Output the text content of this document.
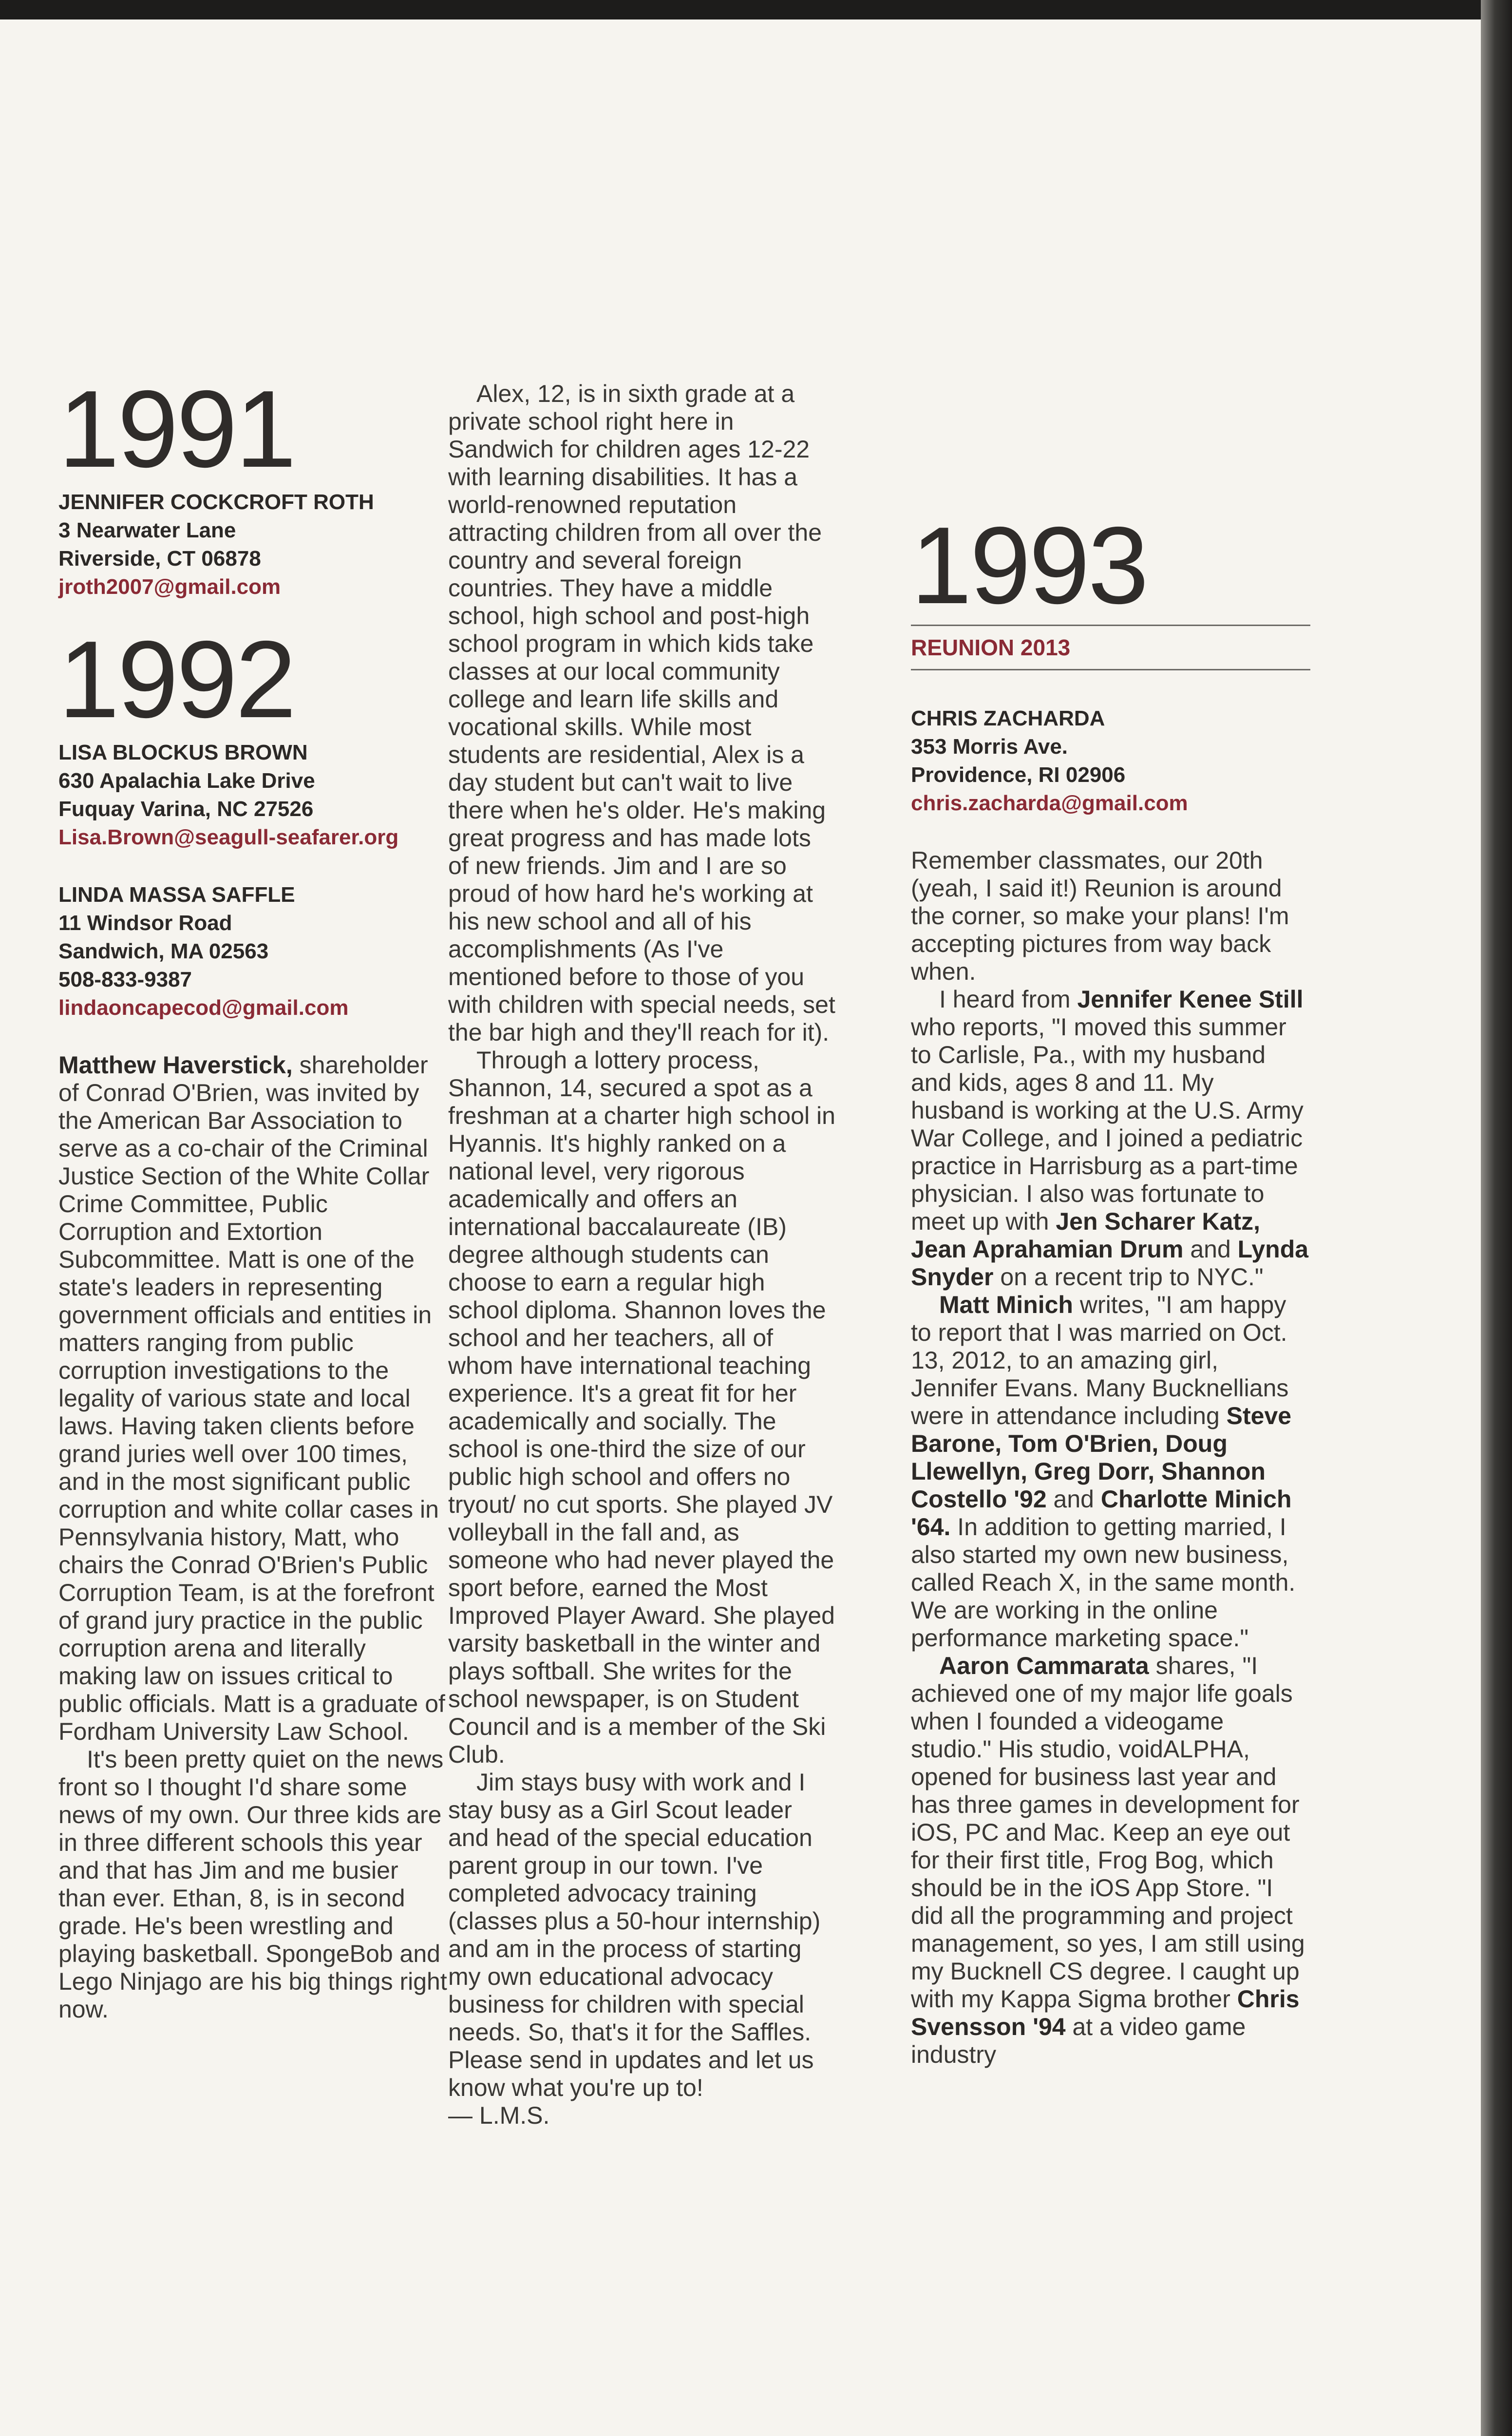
1991
JENNIFER COCKCROFT ROTH
3 Nearwater Lane
Riverside, CT 06878
jroth2007@gmail.com
1992
LISA BLOCKUS BROWN
630 Apalachia Lake Drive
Fuquay Varina, NC 27526
Lisa.Brown@seagull-seafarer.org
LINDA MASSA SAFFLE
11 Windsor Road
Sandwich, MA 02563
508-833-9387
lindaoncapecod@gmail.com

Matthew Haverstick, shareholder of Conrad O'Brien, was invited by the American Bar Association to serve as a co-chair of the Criminal Justice Section of the White Collar Crime Committee, Public Corruption and Extortion Subcommittee. Matt is one of the state's leaders in representing government officials and entities in matters ranging from public corruption investigations to the legality of various state and local laws. Having taken clients before grand juries well over 100 times, and in the most significant public corruption and white collar cases in Pennsylvania history, Matt, who chairs the Conrad O'Brien's Public Corruption Team, is at the forefront of grand jury practice in the public corruption arena and literally making law on issues critical to public officials. Matt is a graduate of Fordham University Law School.

It's been pretty quiet on the news front so I thought I'd share some news of my own. Our three kids are in three different schools this year and that has Jim and me busier than ever. Ethan, 8, is in second grade. He's been wrestling and playing basketball. SpongeBob and Lego Ninjago are his big things right now.

Alex, 12, is in sixth grade at a private school right here in Sandwich for children ages 12-22 with learning disabilities. It has a world-renowned reputation attracting children from all over the country and several foreign countries. They have a middle school, high school and post-high school program in which kids take classes at our local community college and learn life skills and vocational skills. While most students are residential, Alex is a day student but can't wait to live there when he's older. He's making great progress and has made lots of new friends. Jim and I are so proud of how hard he's working at his new school and all of his accomplishments (As I've mentioned before to those of you with children with special needs, set the bar high and they'll reach for it).

Through a lottery process, Shannon, 14, secured a spot as a freshman at a charter high school in Hyannis. It's highly ranked on a national level, very rigorous academically and offers an international baccalaureate (IB) degree although students can choose to earn a regular high school diploma. Shannon loves the school and her teachers, all of whom have international teaching experience. It's a great fit for her academically and socially. The school is one-third the size of our public high school and offers no tryout/ no cut sports. She played JV volleyball in the fall and, as someone who had never played the sport before, earned the Most Improved Player Award. She played varsity basketball in the winter and plays softball. She writes for the school newspaper, is on Student Council and is a member of the Ski Club.

Jim stays busy with work and I stay busy as a Girl Scout leader and head of the special education parent group in our town. I've completed advocacy training (classes plus a 50-hour internship) and am in the process of starting my own educational advocacy business for children with special needs. So, that's it for the Saffles. Please send in updates and let us know what you're up to!

— L.M.S.

1993
REUNION 2013
CHRIS ZACHARDA
353 Morris Ave.
Providence, RI 02906
chris.zacharda@gmail.com

Remember classmates, our 20th (yeah, I said it!) Reunion is around the corner, so make your plans! I'm accepting pictures from way back when.

I heard from Jennifer Kenee Still who reports, "I moved this summer to Carlisle, Pa., with my husband and kids, ages 8 and 11. My husband is working at the U.S. Army War College, and I joined a pediatric practice in Harrisburg as a part-time physician. I also was fortunate to meet up with Jen Scharer Katz, Jean Aprahamian Drum and Lynda Snyder on a recent trip to NYC."

Matt Minich writes, "I am happy to report that I was married on Oct. 13, 2012, to an amazing girl, Jennifer Evans. Many Bucknellians were in attendance including Steve Barone, Tom O'Brien, Doug Llewellyn, Greg Dorr, Shannon Costello '92 and Charlotte Minich '64. In addition to getting married, I also started my own new business, called Reach X, in the same month. We are working in the online performance marketing space."

Aaron Cammarata shares, "I achieved one of my major life goals when I founded a videogame studio." His studio, voidALPHA, opened for business last year and has three games in development for iOS, PC and Mac. Keep an eye out for their first title, Frog Bog, which should be in the iOS App Store. "I did all the programming and project management, so yes, I am still using my Bucknell CS degree. I caught up with my Kappa Sigma brother Chris Svensson '94 at a video game industry
